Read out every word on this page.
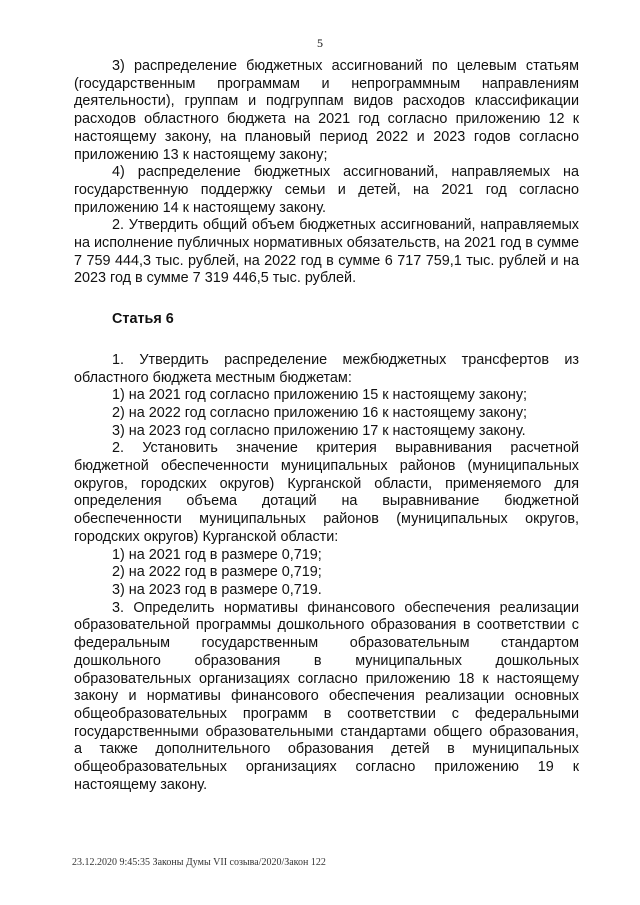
5

3) распределение бюджетных ассигнований по целевым статьям (государственным программам и непрограммным направлениям деятельности), группам и подгруппам видов расходов классификации расходов областного бюджета на 2021 год согласно приложению 12 к настоящему закону, на плановый период 2022 и 2023 годов согласно приложению 13 к настоящему закону;

4) распределение бюджетных ассигнований, направляемых на государственную поддержку семьи и детей, на 2021 год согласно приложению 14 к настоящему закону.

2. Утвердить общий объем бюджетных ассигнований, направляемых на исполнение публичных нормативных обязательств, на 2021 год в сумме 7 759 444,3 тыс. рублей, на 2022 год в сумме 6 717 759,1 тыс. рублей и на 2023 год в сумме 7 319 446,5 тыс. рублей.

Статья 6

1. Утвердить распределение межбюджетных трансфертов из областного бюджета местным бюджетам:

1) на 2021 год согласно приложению 15 к настоящему закону;

2) на 2022 год согласно приложению 16 к настоящему закону;

3) на 2023 год согласно приложению 17 к настоящему закону.

2. Установить значение критерия выравнивания расчетной бюджетной обеспеченности муниципальных районов (муниципальных округов, городских округов) Курганской области, применяемого для определения объема дотаций на выравнивание бюджетной обеспеченности муниципальных районов (муниципальных округов, городских округов) Курганской области:

1) на 2021 год в размере 0,719;

2) на 2022 год в размере 0,719;

3) на 2023 год в размере 0,719.

3. Определить нормативы финансового обеспечения реализации образовательной программы дошкольного образования в соответствии с федеральным государственным образовательным стандартом дошкольного образования в муниципальных дошкольных образовательных организациях согласно приложению 18 к настоящему закону и нормативы финансового обеспечения реализации основных общеобразовательных программ в соответствии с федеральными государственными образовательными стандартами общего образования, а также дополнительного образования детей в муниципальных общеобразовательных организациях согласно приложению 19 к настоящему закону.

23.12.2020 9:45:35 Законы Думы VII созыва/2020/Закон 122
